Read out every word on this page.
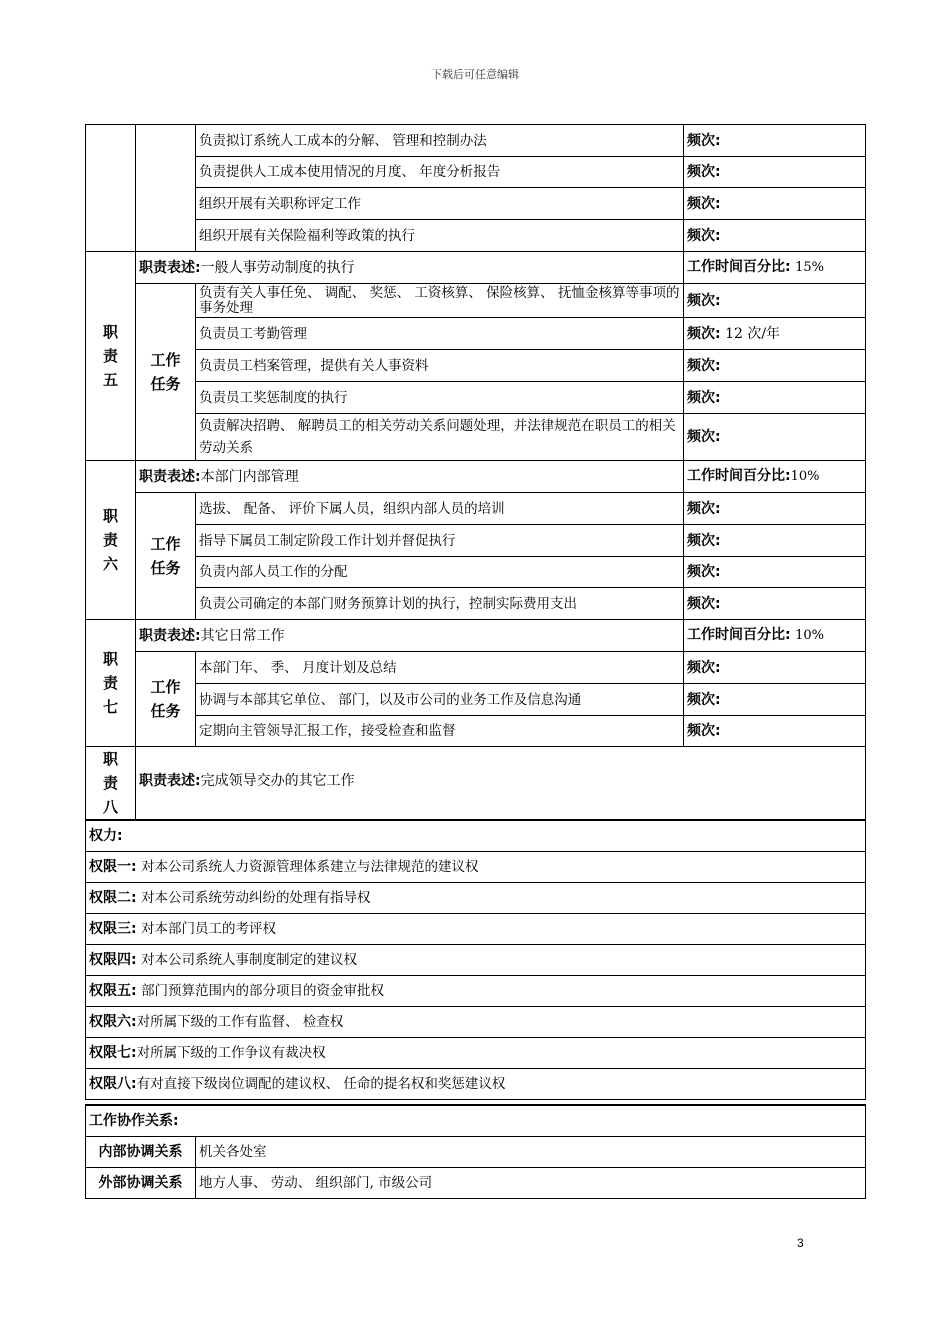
下载后可任意编辑
		负责拟订系统人工成本的分解、 管理和控制办法	频次:
		负责提供人工成本使用情况的月度、 年度分析报告	频次:
		组织开展有关职称评定工作	频次:
		组织开展有关保险福利等政策的执行	频次:
职责五	职责表述:一般人事劳动制度的执行		工作时间百分比: 15%
	工作任务	负责有关人事任免、 调配、 奖惩、 工资核算、 保险核算、 抚恤金核算等事项的事务处理	频次:
		负责员工考勤管理	频次: 12 次/年
		负责员工档案管理，提供有关人事资料	频次:
		负责员工奖惩制度的执行	频次:
		负责解决招聘、 解聘员工的相关劳动关系问题处理，并法律规范在职员工的相关劳动关系	频次:
职责六	职责表述:本部门内部管理		工作时间百分比:10%
	工作任务	选拔、 配备、 评价下属人员，组织内部人员的培训	频次:
		指导下属员工制定阶段工作计划并督促执行	频次:
		负责内部人员工作的分配	频次:
		负责公司确定的本部门财务预算计划的执行，控制实际费用支出	频次:
职责七	职责表述:其它日常工作		工作时间百分比: 10%
	工作任务	本部门年、 季、 月度计划及总结	频次:
		协调与本部其它单位、 部门，以及市公司的业务工作及信息沟通	频次:
		定期向主管领导汇报工作，接受检查和监督	频次:
职责八	职责表述:完成领导交办的其它工作		
权力:
权限一: 对本公司系统人力资源管理体系建立与法律规范的建议权
权限二: 对本公司系统劳动纠纷的处理有指导权
权限三: 对本部门员工的考评权
权限四: 对本公司系统人事制度制定的建议权
权限五: 部门预算范围内的部分项目的资金审批权
权限六:对所属下级的工作有监督、 检查权
权限七:对所属下级的工作争议有裁决权
权限八:有对直接下级岗位调配的建议权、 任命的提名权和奖惩建议权
工作协作关系:	
内部协调关系	机关各处室
外部协调关系	地方人事、 劳动、 组织部门, 市级公司
3
